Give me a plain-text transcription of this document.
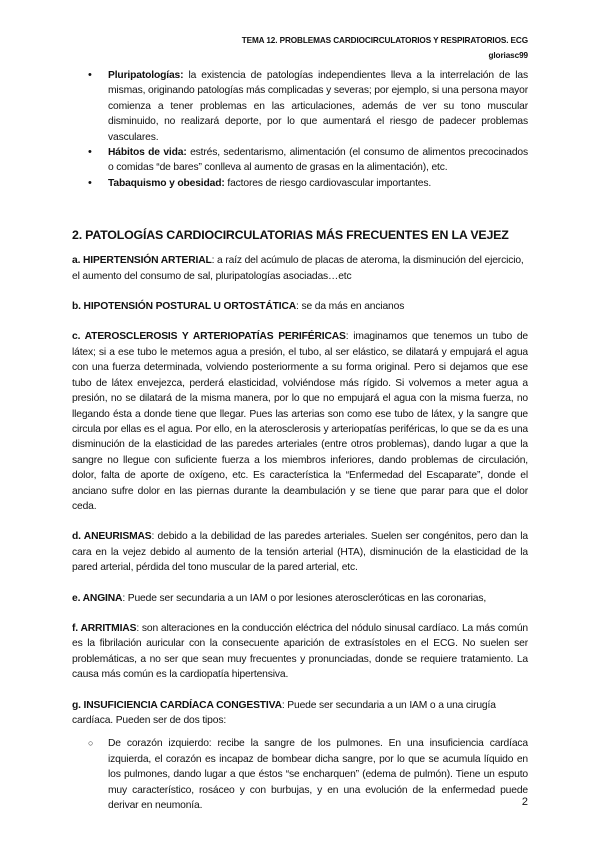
TEMA 12. PROBLEMAS CARDIOCIRCULATORIOS Y RESPIRATORIOS. ECG
gloriasc99
• Pluripatologías: la existencia de patologías independientes lleva a la interrelación de las mismas, originando patologías más complicadas y severas; por ejemplo, si una persona mayor comienza a tener problemas en las articulaciones, además de ver su tono muscular disminuido, no realizará deporte, por lo que aumentará el riesgo de padecer problemas vasculares.
• Hábitos de vida: estrés, sedentarismo, alimentación (el consumo de alimentos precocinados o comidas “de bares” conlleva al aumento de grasas en la alimentación), etc.
• Tabaquismo y obesidad: factores de riesgo cardiovascular importantes.
2. PATOLOGÍAS CARDIOCIRCULATORIAS MÁS FRECUENTES EN LA VEJEZ

a. HIPERTENSIÓN ARTERIAL: a raíz del acúmulo de placas de ateroma, la disminución del ejercicio, el aumento del consumo de sal, pluripatologías asociadas…etc

b. HIPOTENSIÓN POSTURAL U ORTOSTÁTICA: se da más en ancianos

c. ATEROSCLEROSIS Y ARTERIOPATÍAS PERIFÉRICAS: imaginamos que tenemos un tubo de látex; si a ese tubo le metemos agua a presión, el tubo, al ser elástico, se dilatará y empujará el agua con una fuerza determinada, volviendo posteriormente a su forma original. Pero si dejamos que ese tubo de látex envejezca, perderá elasticidad, volviéndose más rígido. Si volvemos a meter agua a presión, no se dilatará de la misma manera, por lo que no empujará el agua con la misma fuerza, no llegando ésta a donde tiene que llegar. Pues las arterias son como ese tubo de látex, y la sangre que circula por ellas es el agua. Por ello, en la aterosclerosis y arteriopatías periféricas, lo que se da es una disminución de la elasticidad de las paredes arteriales (entre otros problemas), dando lugar a que la sangre no llegue con suficiente fuerza a los miembros inferiores, dando problemas de circulación, dolor, falta de aporte de oxígeno, etc. Es característica la “Enfermedad del Escaparate”, donde el anciano sufre dolor en las piernas durante la deambulación y se tiene que parar para que el dolor ceda.

d. ANEURISMAS: debido a la debilidad de las paredes arteriales. Suelen ser congénitos, pero dan la cara en la vejez debido al aumento de la tensión arterial (HTA), disminución de la elasticidad de la pared arterial, pérdida del tono muscular de la pared arterial, etc.

e. ANGINA: Puede ser secundaria a un IAM o por lesiones ateroscleróticas en las coronarias,

f. ARRITMIAS: son alteraciones en la conducción eléctrica del nódulo sinusal cardíaco. La más común es la fibrilación auricular con la consecuente aparición de extrasístoles en el ECG. No suelen ser problemáticas, a no ser que sean muy frecuentes y pronunciadas, donde se requiere tratamiento. La causa más común es la cardiopatía hipertensiva.

g. INSUFICIENCIA CARDÍACA CONGESTIVA: Puede ser secundaria a un IAM o a una cirugía cardíaca. Pueden ser de dos tipos:

○ De corazón izquierdo: recibe la sangre de los pulmones. En una insuficiencia cardíaca izquierda, el corazón es incapaz de bombear dicha sangre, por lo que se acumula líquido en los pulmones, dando lugar a que éstos “se encharquen” (edema de pulmón). Tiene un esputo muy característico, rosáceo y con burbujas, y en una evolución de la enfermedad puede derivar en neumonía.	2
